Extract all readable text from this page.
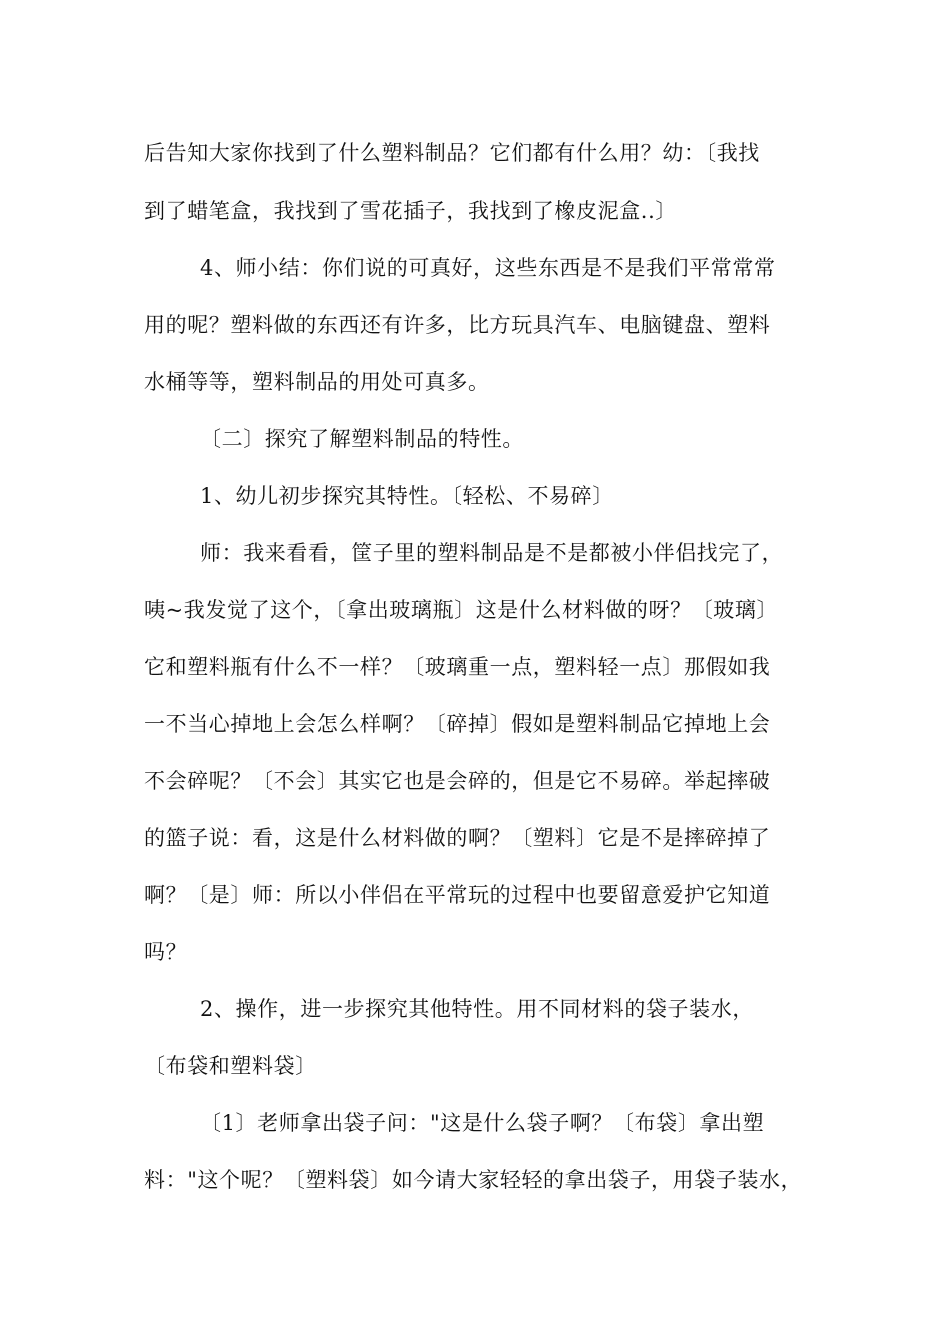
后告知大家你找到了什么塑料制品？它们都有什么用？幼：〔我找
到了蜡笔盒，我找到了雪花插子，我找到了橡皮泥盒..〕
4、师小结：你们说的可真好，这些东西是不是我们平常常常
用的呢？塑料做的东西还有许多，比方玩具汽车、电脑键盘、塑料
水桶等等，塑料制品的用处可真多。
〔二〕探究了解塑料制品的特性。
1、幼儿初步探究其特性。〔轻松、不易碎〕
师：我来看看，筐子里的塑料制品是不是都被小伴侣找完了，
咦~我发觉了这个，〔拿出玻璃瓶〕这是什么材料做的呀？〔玻璃〕
它和塑料瓶有什么不一样？〔玻璃重一点，塑料轻一点〕那假如我
一不当心掉地上会怎么样啊？〔碎掉〕假如是塑料制品它掉地上会
不会碎呢？〔不会〕其实它也是会碎的，但是它不易碎。举起摔破
的篮子说：看，这是什么材料做的啊？〔塑料〕它是不是摔碎掉了
啊？〔是〕师：所以小伴侣在平常玩的过程中也要留意爱护它知道
吗？
2、操作，进一步探究其他特性。用不同材料的袋子装水，
〔布袋和塑料袋〕
〔1〕老师拿出袋子问："这是什么袋子啊？〔布袋〕拿出塑
料："这个呢？〔塑料袋〕如今请大家轻轻的拿出袋子，用袋子装水，
